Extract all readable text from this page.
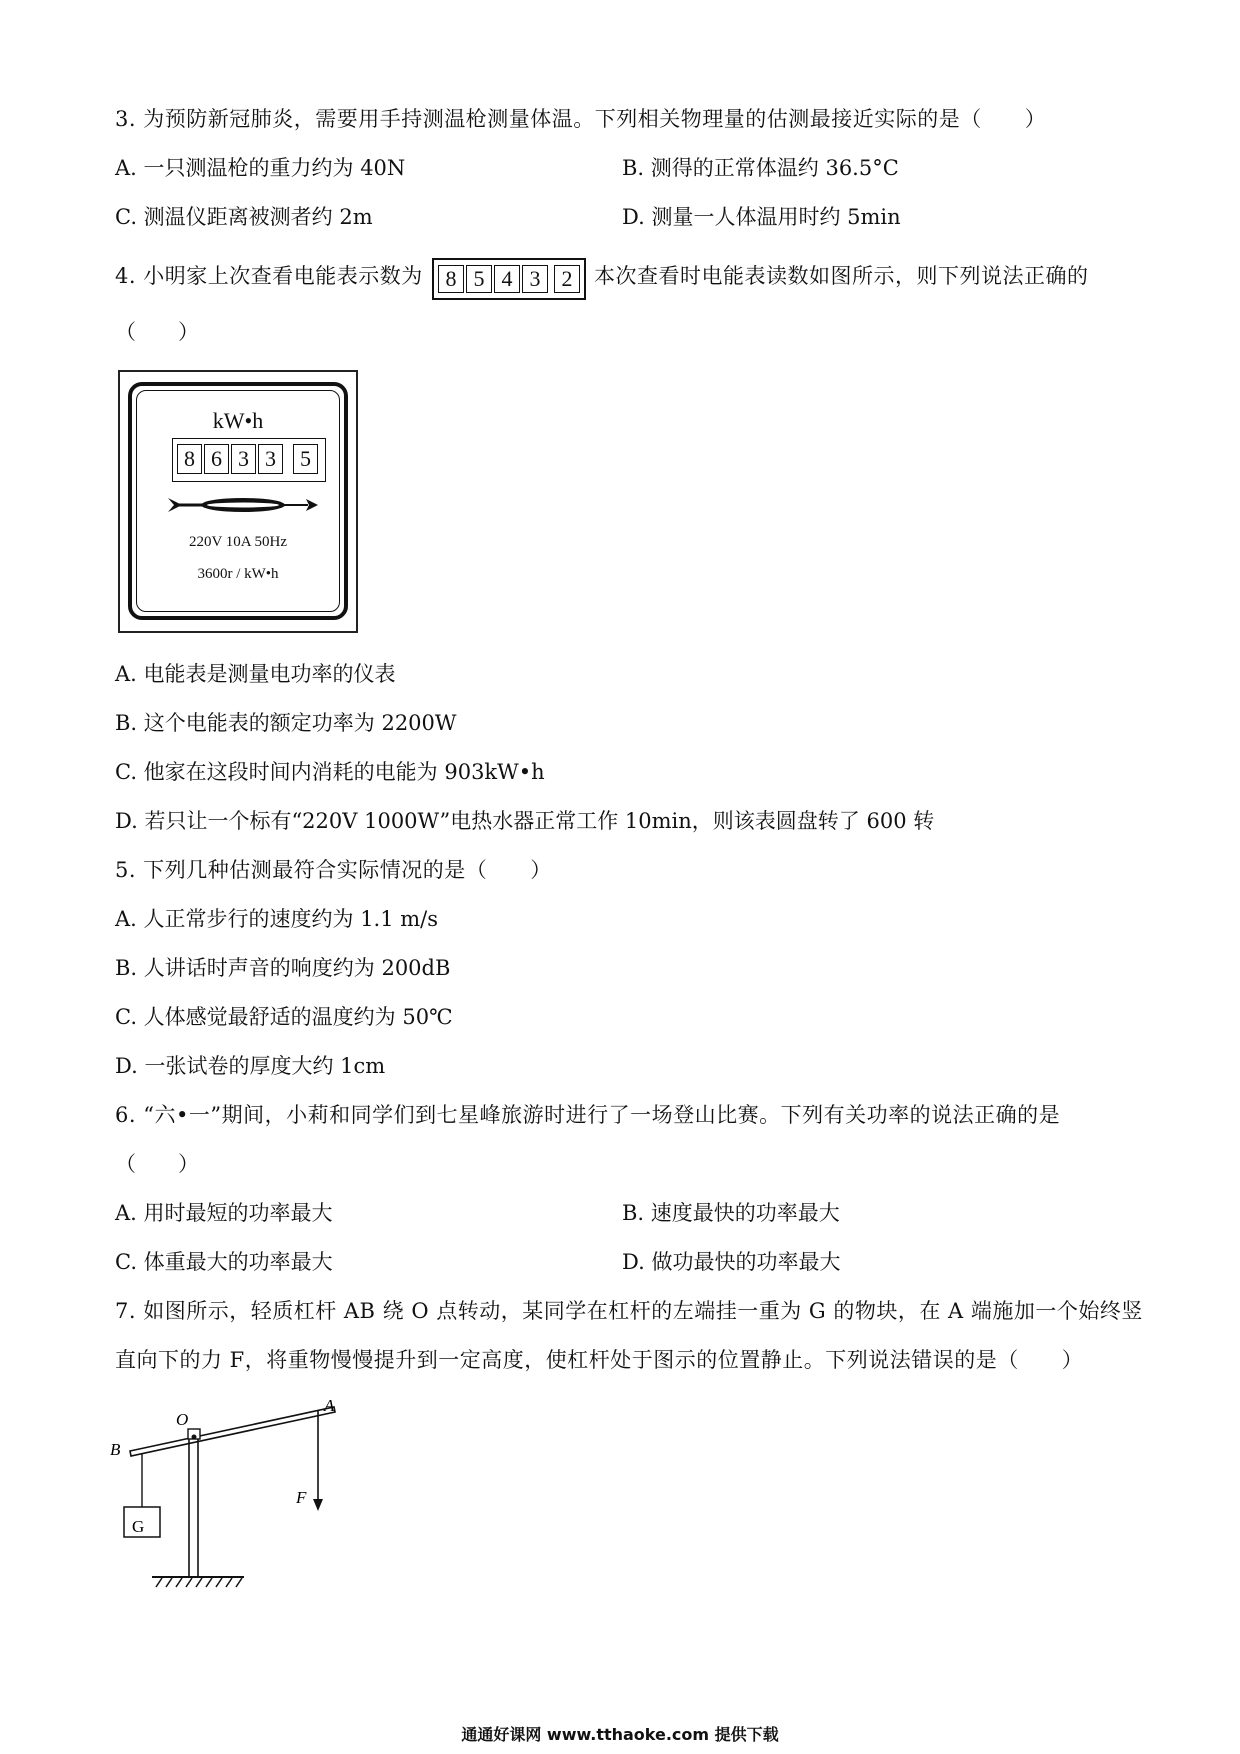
3. 为预防新冠肺炎，需要用手持测温枪测量体温。下列相关物理量的估测最接近实际的是（　　）
A. 一只测温枪的重力约为 40N	B. 测得的正常体温约 36.5°C
C. 测温仪距离被测者约 2m	D. 测量一人体温用时约 5min
4. 小明家上次查看电能表示数为	8 5 4 3 2	本次查看时电能表读数如图所示，则下列说法正确的
（　　）
kW•h
8 6 3 3	5
220V 10A 50Hz
3600r / kW•h
A. 电能表是测量电功率的仪表
B. 这个电能表的额定功率为 2200W
C. 他家在这段时间内消耗的电能为 903kW•h
D. 若只让一个标有“220V 1000W”电热水器正常工作 10min，则该表圆盘转了 600 转
5. 下列几种估测最符合实际情况的是（　　）
A. 人正常步行的速度约为 1.1 m/s
B. 人讲话时声音的响度约为 200dB
C. 人体感觉最舒适的温度约为 50℃
D. 一张试卷的厚度大约 1cm
6. “六•一”期间，小莉和同学们到七星峰旅游时进行了一场登山比赛。下列有关功率的说法正确的是
（　　）
A. 用时最短的功率最大	B. 速度最快的功率最大
C. 体重最大的功率最大	D. 做功最快的功率最大
7. 如图所示，轻质杠杆 AB 绕 O 点转动，某同学在杠杆的左端挂一重为 G 的物块，在 A 端施加一个始终竖
直向下的力 F，将重物慢慢提升到一定高度，使杠杆处于图示的位置静止。下列说法错误的是（　　）
G
B
O
A
F
通通好课网 www.tthaoke.com 提供下载
